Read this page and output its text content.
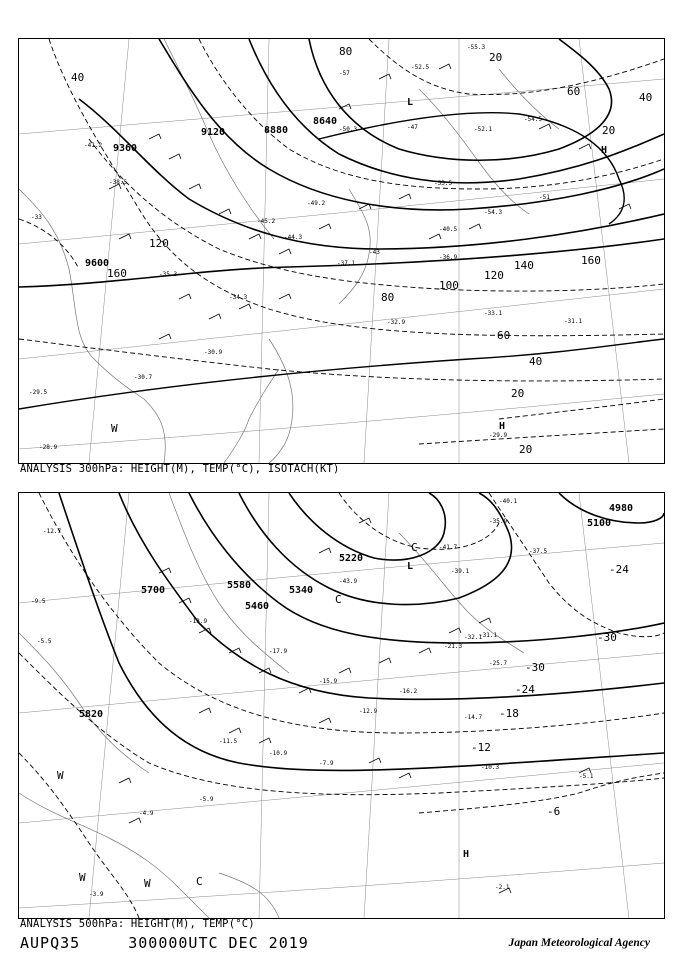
9600
9360
9120	8880
8640
160
140
120
100
80
60
40
20
40
20
40
20
60
80
120
160
20
-29.5
-35.3
-33
-34.3
-37.1
-40.5
-43
-45.2
-49.2
-50.3
-53.5
-57
-55.3
-54.3
-51
-32.9
-33.1
-31.1
-30.9
-30.7
-28.9
-41.2
-38.5
-44.3
-47	-52.1
-29.9
-36.9
-54.5
-52.5
L
H
H
W
ANALYSIS 300hPa: HEIGHT(M), TEMP(°C), ISOTACH(KT)
5820
5700	5580
5460
5340
5220
5100
4980
-6
-12
-18
-24
-30
-30
-24
-12.7
-9.5
-5.5
-13.9
-17.9
-21.3
-25.7
-31.1
-35.9
-39.1
-41.7
-43.9
-37.5
-40.1
-32.1
-14.7
-10.3
-5.1
-7.9
-10.9
-11.5
-2.1
-3.9
-5.9
-4.9
-12.9
-15.9
-16.2
L
C
C
H
W
W	W	C
ANALYSIS 500hPa: HEIGHT(M), TEMP(°C)
AUPQ35	300000UTC DEC 2019	Japan Meteorological Agency
